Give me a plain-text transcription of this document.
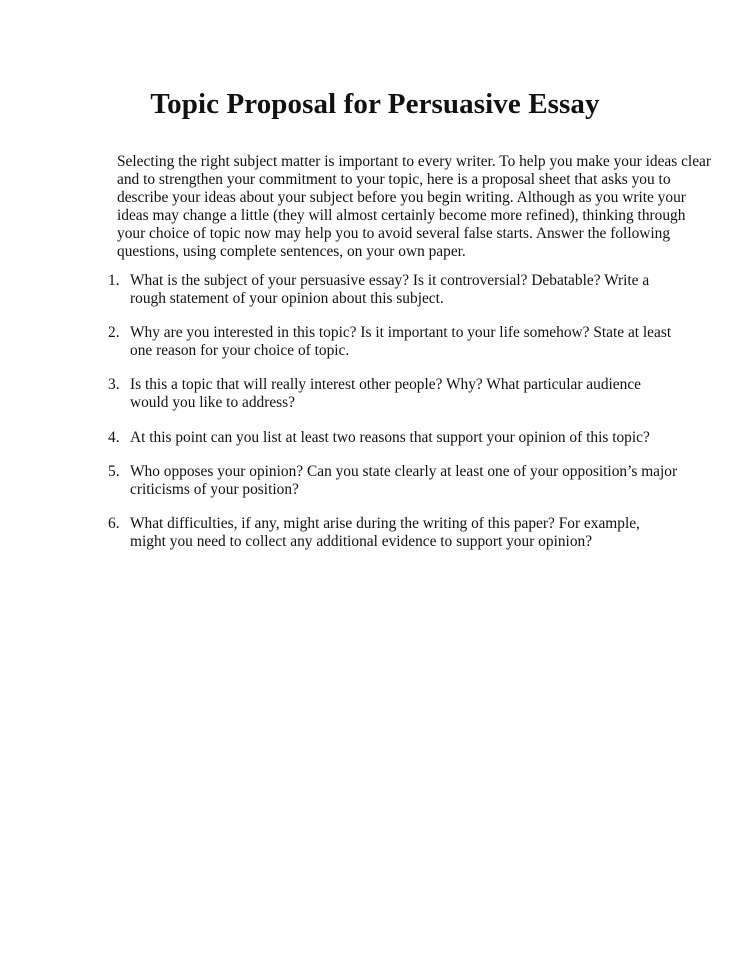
Topic Proposal for Persuasive Essay

Selecting the right subject matter is important to every writer. To help you make your ideas clear
and to strengthen your commitment to your topic, here is a proposal sheet that asks you to
describe your ideas about your subject before you begin writing. Although as you write your
ideas may change a little (they will almost certainly become more refined), thinking through
your choice of topic now may help you to avoid several false starts. Answer the following
questions, using complete sentences, on your own paper.

1. What is the subject of your persuasive essay? Is it controversial? Debatable? Write a
rough statement of your opinion about this subject.
2. Why are you interested in this topic? Is it important to your life somehow? State at least
one reason for your choice of topic.
3. Is this a topic that will really interest other people? Why? What particular audience
would you like to address?
4. At this point can you list at least two reasons that support your opinion of this topic?
5. Who opposes your opinion? Can you state clearly at least one of your opposition’s major
criticisms of your position?
6. What difficulties, if any, might arise during the writing of this paper? For example,
might you need to collect any additional evidence to support your opinion?
